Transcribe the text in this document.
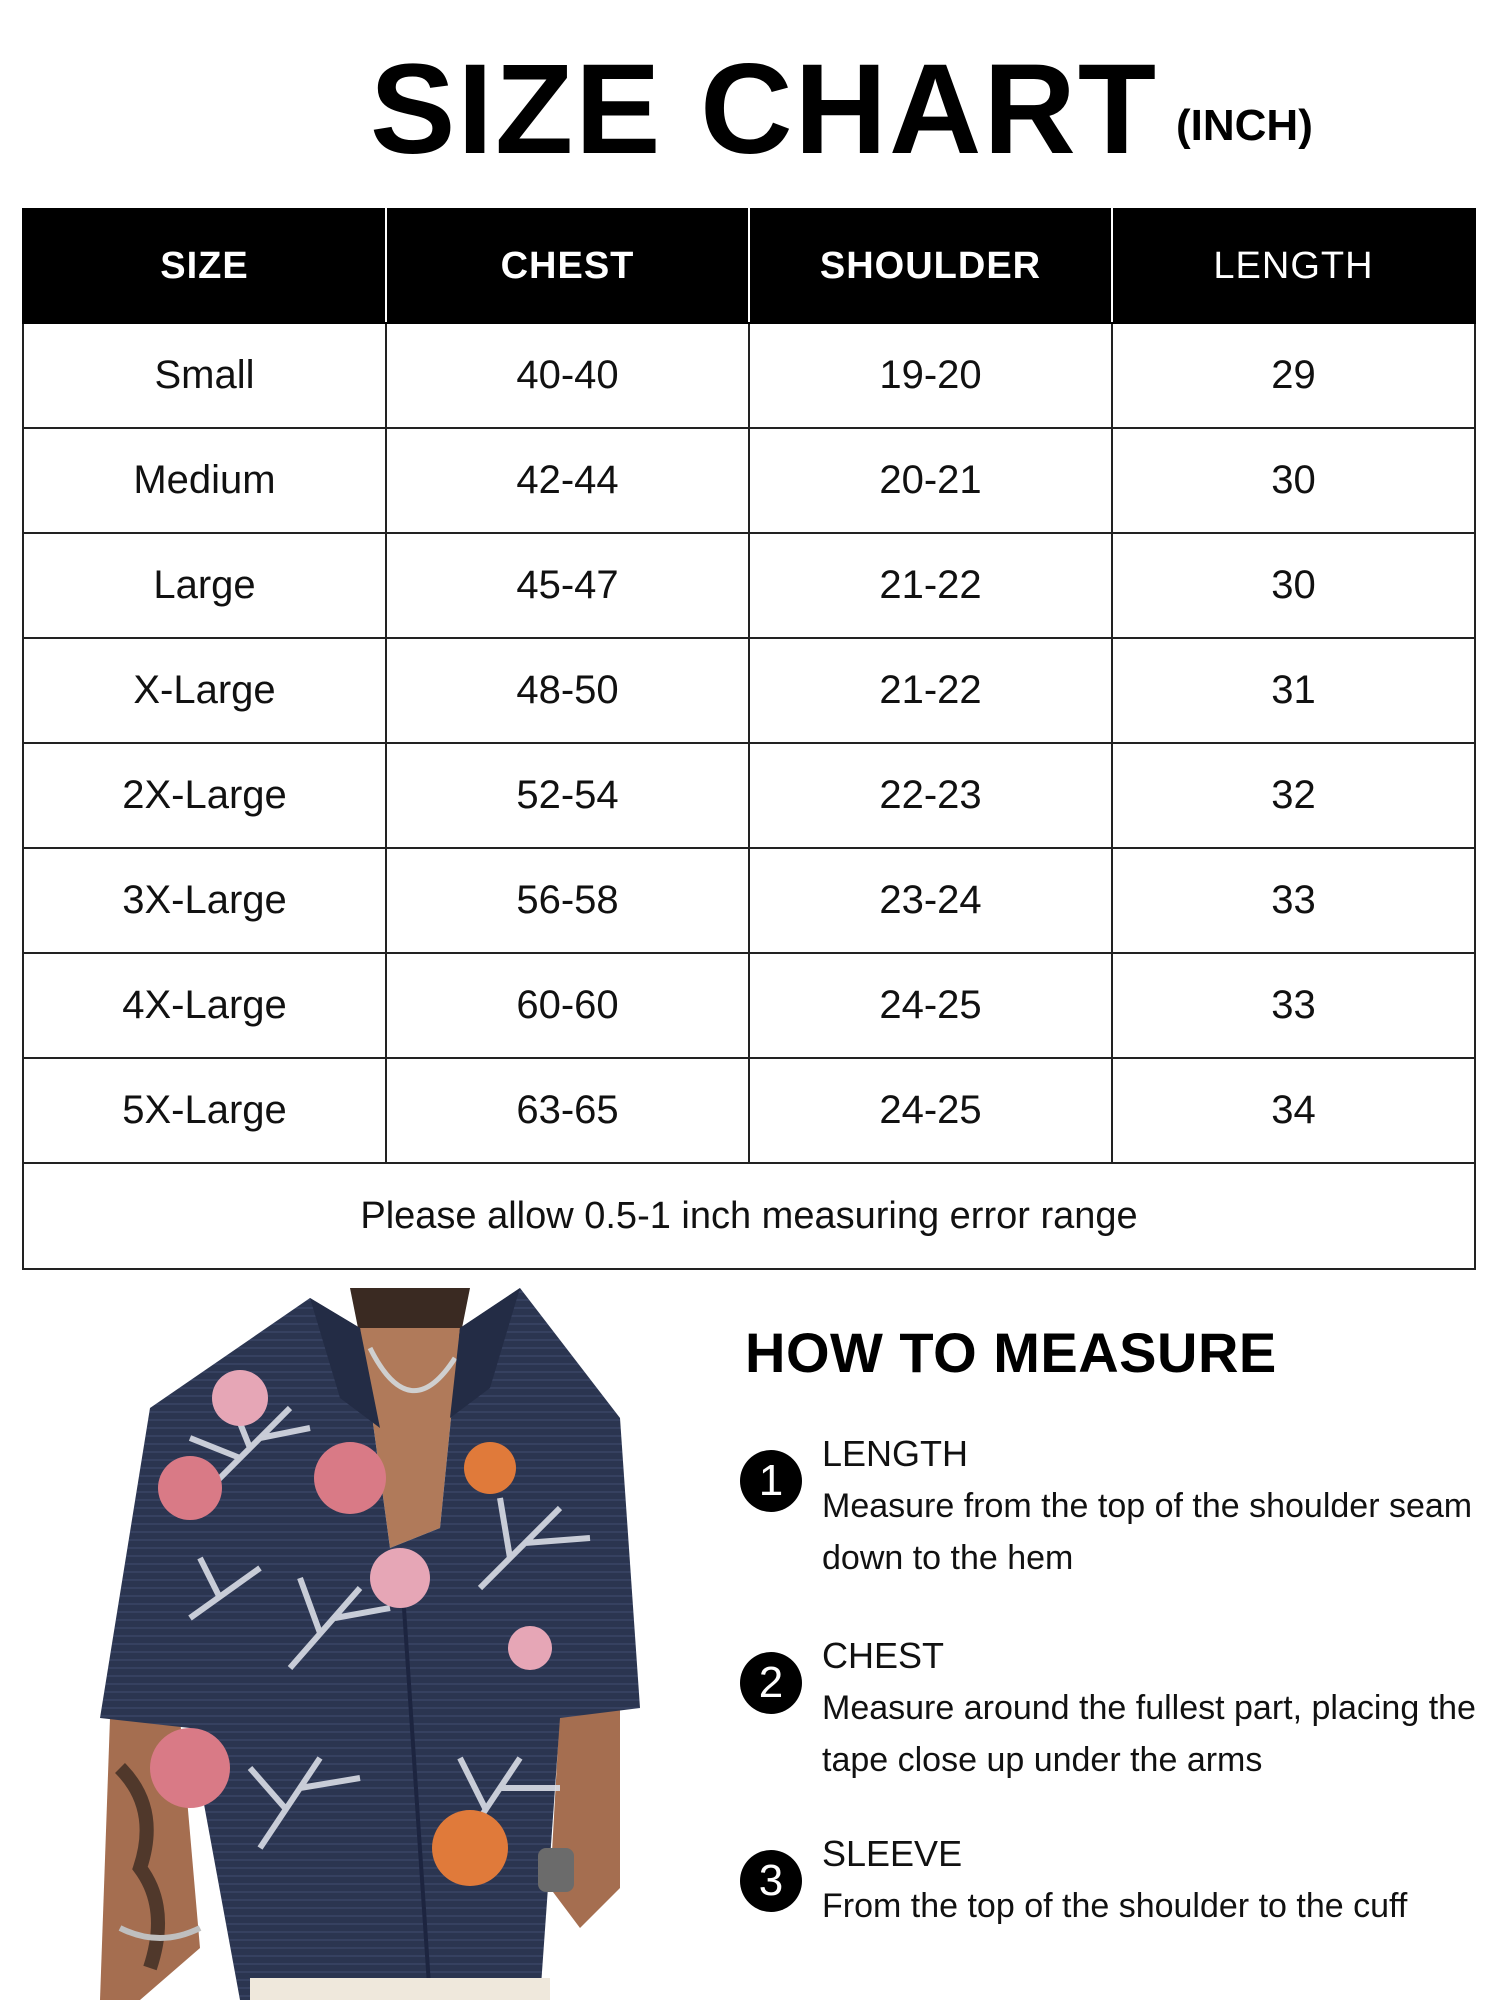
SIZE CHART (INCH)
SIZE	CHEST	SHOULDER	LENGTH
Small	40-40	19-20	29
Medium	42-44	20-21	30
Large	45-47	21-22	30
X-Large	48-50	21-22	31
2X-Large	52-54	22-23	32
3X-Large	56-58	23-24	33
4X-Large	60-60	24-25	33
5X-Large	63-65	24-25	34
Please allow 0.5-1 inch measuring error range			
HOW TO MEASURE
1
LENGTH
Measure from the top of the shoulder seam down to the hem
2
CHEST
Measure around the fullest part, placing the tape close up under the arms
3
SLEEVE
From the top of the shoulder to the cuff
